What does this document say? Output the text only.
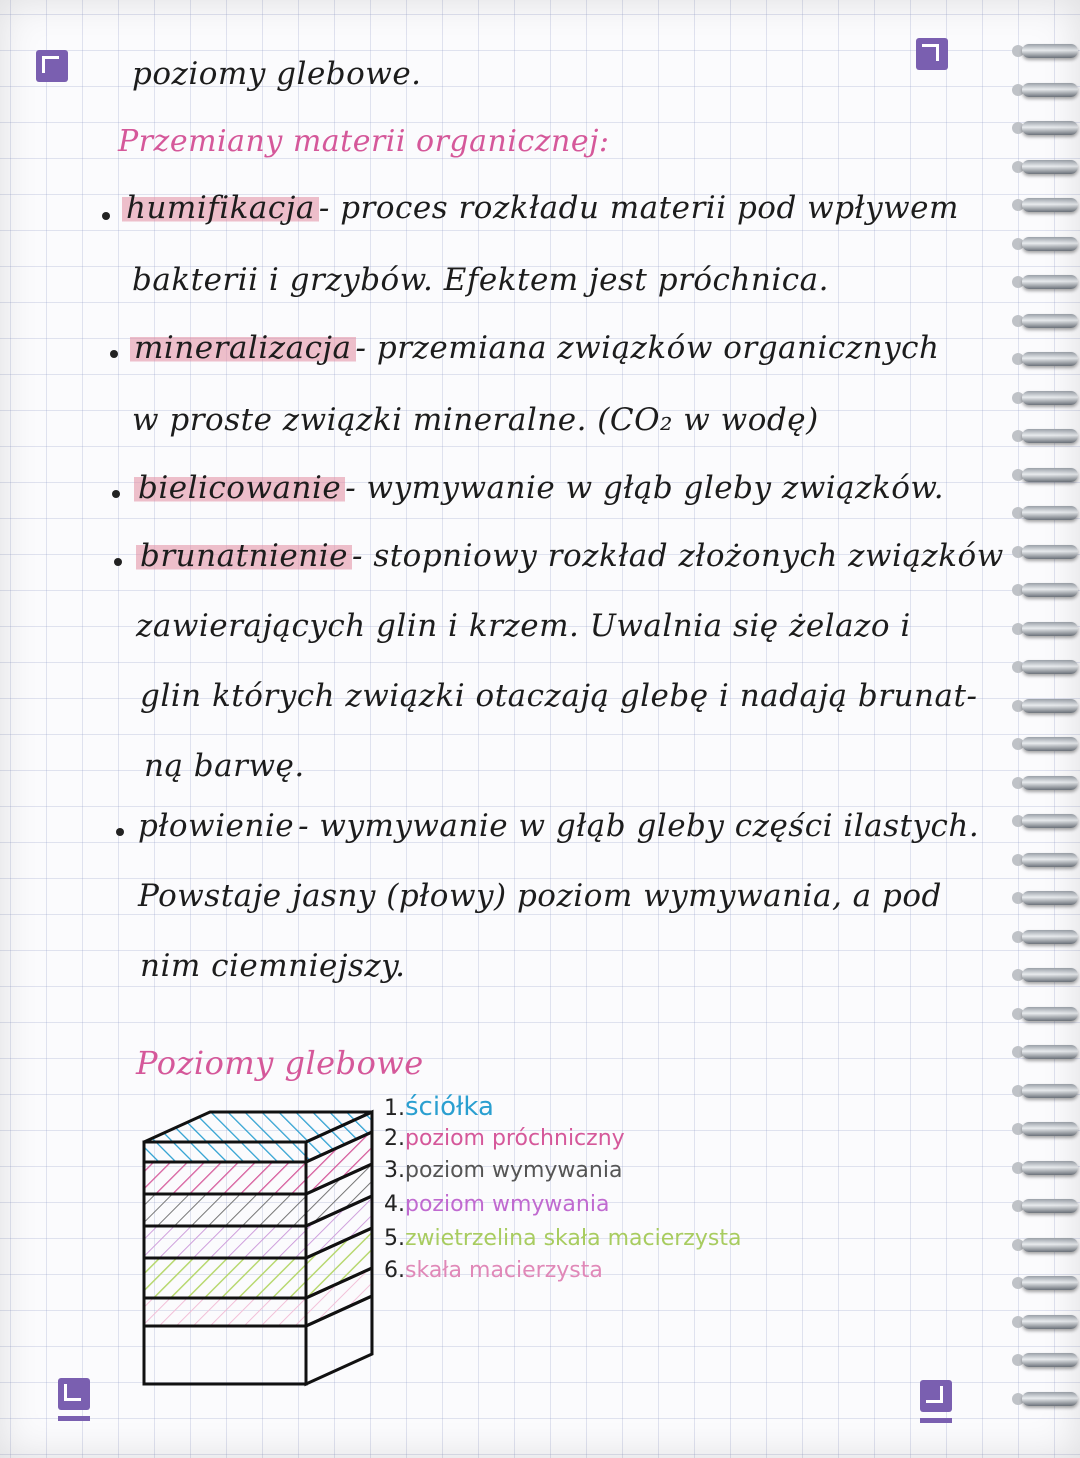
poziomy glebowe.
Przemiany materii organicznej:
humifikacja - proces rozkładu materii pod wpływem
bakterii i grzybów. Efektem jest próchnica.
mineralizacja - przemiana związków organicznych
w proste związki mineralne. (CO₂ w wodę)
bielicowanie - wymywanie w głąb gleby związków.
brunatnienie - stopniowy rozkład złożonych związków
zawierających glin i krzem. Uwalnia się żelazo i
glin których związki otaczają glebę i nadają brunat-
ną barwę.
płowienie - wymywanie w głąb gleby części ilastych.
Powstaje jasny (płowy) poziom wymywania, a pod
nim ciemniejszy.
Poziomy glebowe
1.ściółka
2.poziom próchniczny
3.poziom wymywania
4.poziom wmywania
5.zwietrzelina skała macierzysta
6.skała macierzysta
